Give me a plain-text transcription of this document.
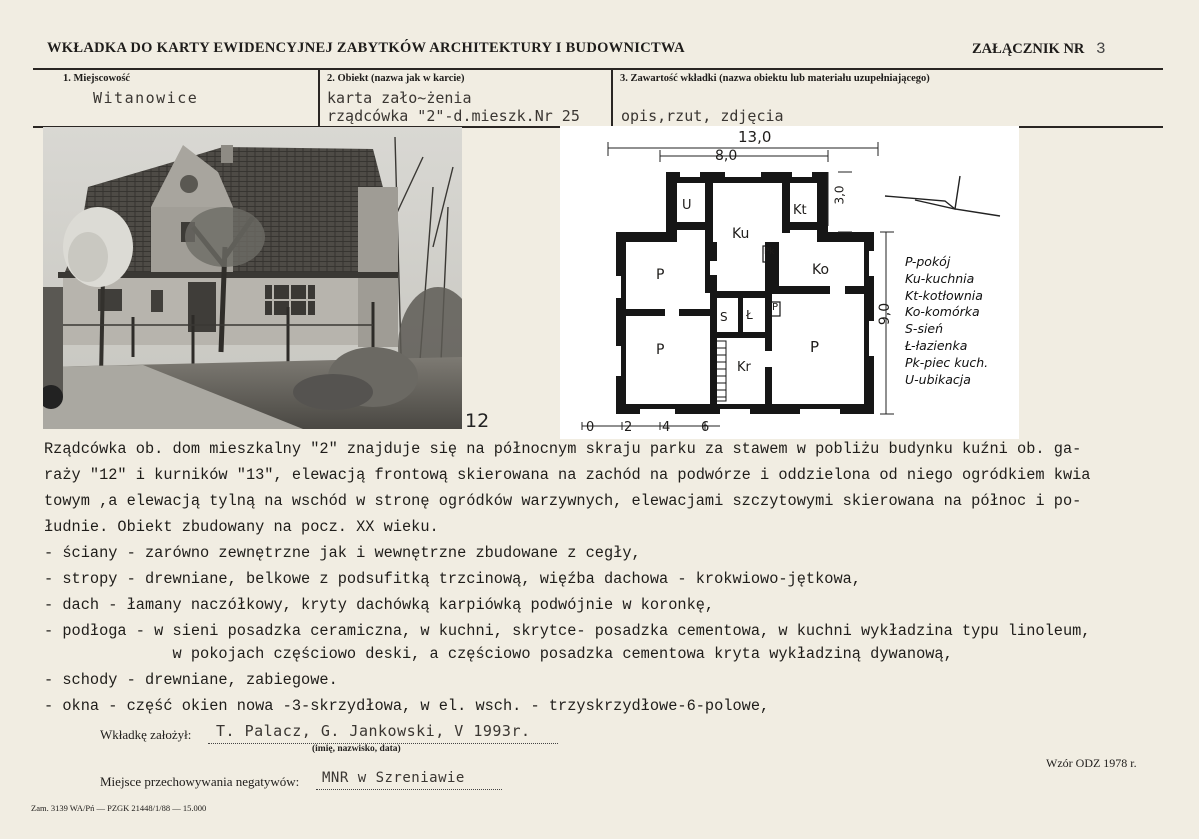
WKŁADKA DO KARTY EWIDENCYJNEJ ZABYTKÓW ARCHITEKTURY I BUDOWNICTWA	ZAŁĄCZNIK NR 3
1. Miejscowość
Witanowice
2. Obiekt (nazwa jak w karcie)
karta zało~żenia
rządcówka "2"-d.mieszk.Nr 25
3. Zawartość wkładki (nazwa obiektu lub materiału uzupełniającego)
opis,rzut, zdjęcia
12
13,0
8,0
3,0
9,0
U
Ku
Kt
Pk
Ko
P
P	P
P
S Ł
Kr
P-pokój
Ku-kuchnia
Kt-kotłownia
Ko-komórka
S-sień
Ł-łazienka
Pk-piec kuch.
U-ubikacja
0 2 4 6
Rządcówka ob. dom mieszkalny "2" znajduje się na północnym skraju parku za stawem w pobliżu budynku kuźni ob. ga-
raży "12" i kurników "13", elewacją frontową skierowana na zachód na podwórze i oddzielona od niego ogródkiem kwia
towym ,a elewacją tylną na wschód w stronę ogródków warzywnych, elewacjami szczytowymi skierowana na północ i po-
łudnie. Obiekt zbudowany na pocz. XX wieku.
- ściany - zarówno zewnętrzne jak i wewnętrzne zbudowane z cegły,
- stropy - drewniane, belkowe z podsufitką trzcinową, więźba dachowa - krokwiowo-jętkowa,
- dach - łamany naczółkowy, kryty dachówką karpiówką podwójnie w koronkę,
- podłoga - w sieni posadzka ceramiczna, w kuchni, skrytce- posadzka cementowa, w kuchni wykładzina typu linoleum,
w pokojach częściowo deski, a częściowo posadzka cementowa kryta wykładziną dywanową,
- schody - drewniane, zabiegowe.
- okna - część okien nowa -3-skrzydłowa, w el. wsch. - trzyskrzydłowe-6-polowe,
Wkładkę założył: T. Palacz, G. Jankowski, V 1993r.
(imię, nazwisko, data)
Wzór ODZ 1978 r.
Miejsce przechowywania negatywów: MNR w Szreniawie
Zam. 3139 WA/Pń — PZGK 21448/1/88 — 15.000
